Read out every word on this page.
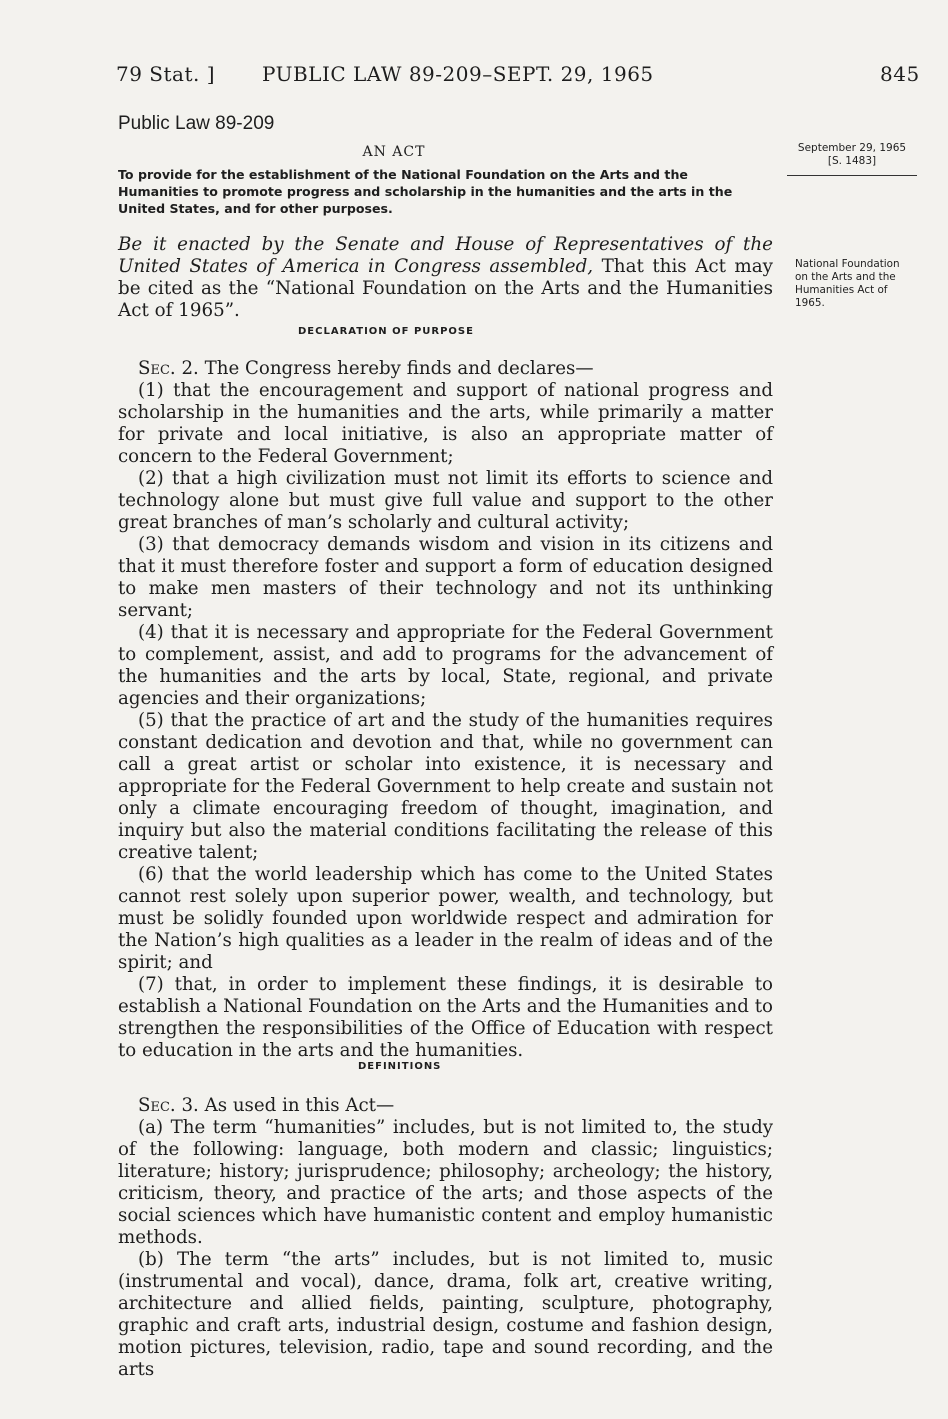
79 Stat. ] PUBLIC LAW 89-209–SEPT. 29, 1965	845
Public Law 89-209
AN ACT
To provide for the establishment of the National Foundation on the Arts and the Humanities to promote progress and scholarship in the humanities and the arts in the United States, and for other purposes.
September 29, 1965
[S. 1483]
National Foundation on the Arts and the Humanities Act of 1965.
Be it enacted by the Senate and House of Representatives of the United States of America in Congress assembled, That this Act may be cited as the “National Foundation on the Arts and the Humanities Act of 1965”.
DECLARATION OF PURPOSE

Sec. 2. The Congress hereby finds and declares—

(1) that the encouragement and support of national progress and scholarship in the humanities and the arts, while primarily a matter for private and local initiative, is also an appropriate matter of concern to the Federal Government;

(2) that a high civilization must not limit its efforts to science and technology alone but must give full value and support to the other great branches of man’s scholarly and cultural activity;

(3) that democracy demands wisdom and vision in its citizens and that it must therefore foster and support a form of education designed to make men masters of their technology and not its unthinking servant;

(4) that it is necessary and appropriate for the Federal Government to complement, assist, and add to programs for the advancement of the humanities and the arts by local, State, regional, and private agencies and their organizations;

(5) that the practice of art and the study of the humanities requires constant dedication and devotion and that, while no government can call a great artist or scholar into existence, it is necessary and appropriate for the Federal Government to help create and sustain not only a climate encouraging freedom of thought, imagination, and inquiry but also the material conditions facilitating the release of this creative talent;

(6) that the world leadership which has come to the United States cannot rest solely upon superior power, wealth, and technology, but must be solidly founded upon worldwide respect and admiration for the Nation’s high qualities as a leader in the realm of ideas and of the spirit; and

(7) that, in order to implement these findings, it is desirable to establish a National Foundation on the Arts and the Humanities and to strengthen the responsibilities of the Office of Education with respect to education in the arts and the humanities.

DEFINITIONS

Sec. 3. As used in this Act—

(a) The term “humanities” includes, but is not limited to, the study of the following: language, both modern and classic; linguistics; literature; history; jurisprudence; philosophy; archeology; the history, criticism, theory, and practice of the arts; and those aspects of the social sciences which have humanistic content and employ humanistic methods.

(b) The term “the arts” includes, but is not limited to, music (instrumental and vocal), dance, drama, folk art, creative writing, architecture and allied fields, painting, sculpture, photography, graphic and craft arts, industrial design, costume and fashion design, motion pictures, television, radio, tape and sound recording, and the arts
